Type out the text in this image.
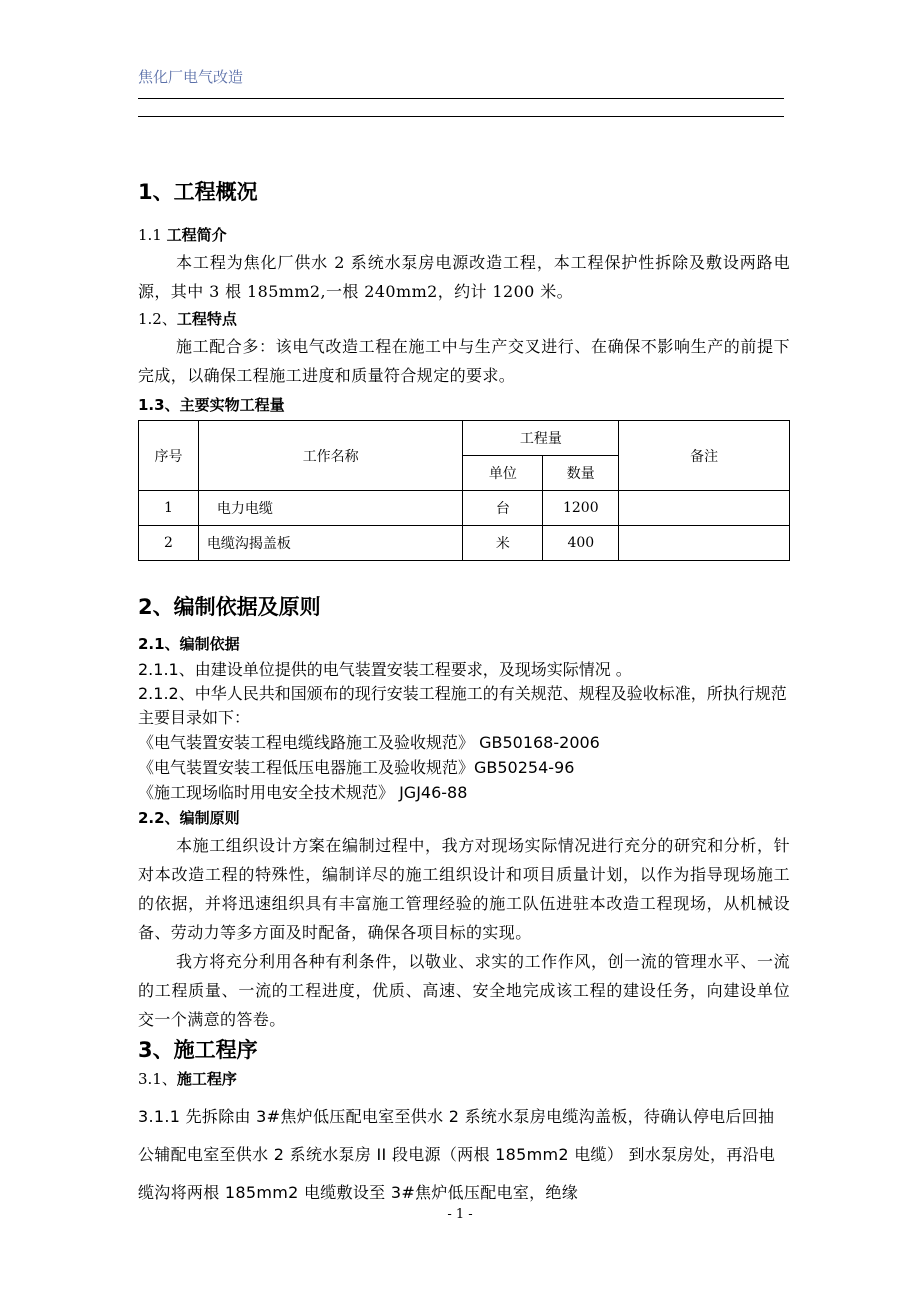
焦化厂电气改造
1、工程概况
1.1 工程简介

本工程为焦化厂供水 2 系统水泵房电源改造工程，本工程保护性拆除及敷设两路电源，其中 3 根 185mm2,一根 240mm2，约计 1200 米。

1.2、工程特点

施工配合多：该电气改造工程在施工中与生产交叉进行、在确保不影响生产的前提下完成，以确保工程施工进度和质量符合规定的要求。

1.3、主要实物工程量
序号	工作名称	工程量		备注
		单位	数量	
1	电力电缆	台	1200	
2	电缆沟揭盖板	米	400	
2、编制依据及原则
2.1、编制依据

2.1.1、由建设单位提供的电气装置安装工程要求，及现场实际情况 。

2.1.2、中华人民共和国颁布的现行安装工程施工的有关规范、规程及验收标准，所执行规范主要目录如下：

《电气装置安装工程电缆线路施工及验收规范》 GB50168-2006

《电气装置安装工程低压电器施工及验收规范》GB50254-96

《施工现场临时用电安全技术规范》 JGJ46-88

2.2、编制原则

本施工组织设计方案在编制过程中，我方对现场实际情况进行充分的研究和分析，针对本改造工程的特殊性，编制详尽的施工组织设计和项目质量计划，以作为指导现场施工的依据，并将迅速组织具有丰富施工管理经验的施工队伍进驻本改造工程现场，从机械设备、劳动力等多方面及时配备，确保各项目标的实现。

我方将充分利用各种有利条件，以敬业、求实的工作作风，创一流的管理水平、一流的工程质量、一流的工程进度，优质、高速、安全地完成该工程的建设任务，向建设单位交一个满意的答卷。

3、施工程序
3.1、施工程序

3.1.1 先拆除由 3#焦炉低压配电室至供水 2 系统水泵房电缆沟盖板，待确认停电后回抽公辅配电室至供水 2 系统水泵房 II 段电源（两根 185mm2 电缆） 到水泵房处，再沿电缆沟将两根 185mm2 电缆敷设至 3#焦炉低压配电室，绝缘

- 1 -
